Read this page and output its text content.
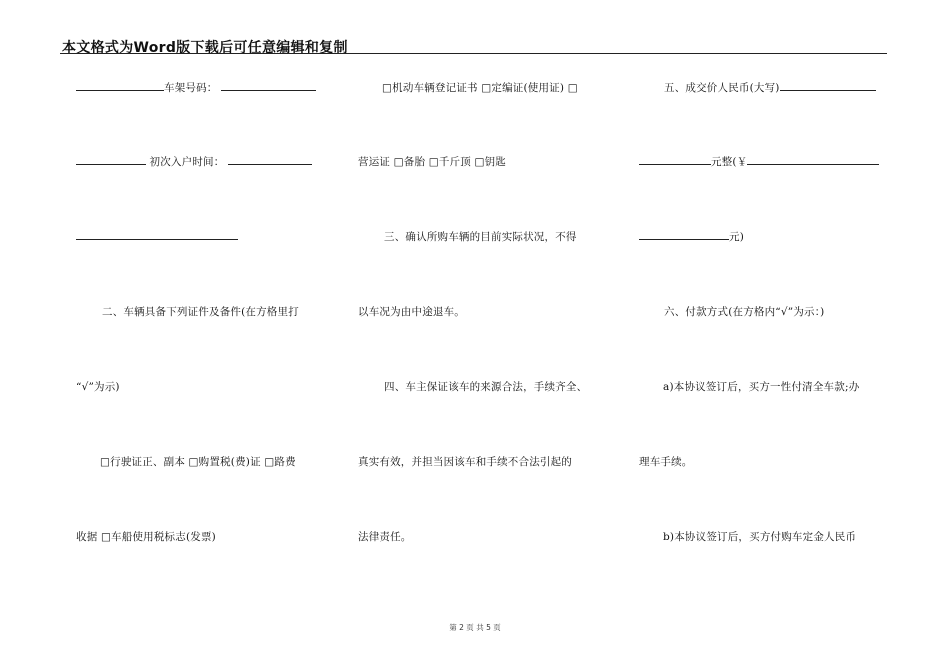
本文格式为Word版下载后可任意编辑和复制
车架号码：
初次入户时间：
二、车辆具备下列证件及备件(在方格里打
“√”为示)
□行驶证正、副本 □购置税(费)证 □路费
收据 □车船使用税标志(发票)
□机动车辆登记证书 □定编证(使用证) □
营运证 □备胎 □千斤顶 □钥匙
三、确认所购车辆的目前实际状况，不得
以车况为由中途退车。
四、车主保证该车的来源合法，手续齐全、
真实有效，并担当因该车和手续不合法引起的
法律责任。
五、成交价人民币(大写)
元整(￥
元)
六、付款方式(在方格内“√”为示：)
a)本协议签订后，买方一性付清全车款;办
理车手续。
b)本协议签订后，买方付购车定金人民币
第 2 页 共 5 页
